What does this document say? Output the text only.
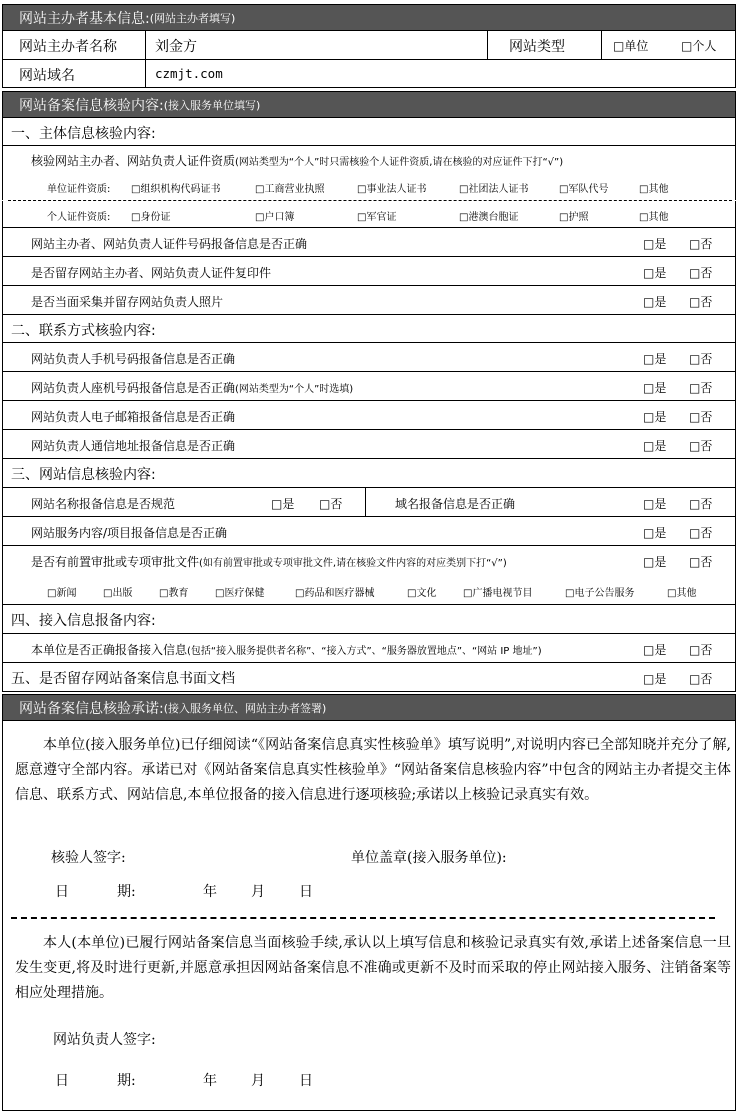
网站主办者基本信息: (网站主办者填写)
网站主办者名称	刘金方	网站类型 □	单位 □	个人
网站域名	czmjt.com
网站备案信息核验内容: (接入服务单位填写)
一、主体信息核验内容:
核验网站主办者、网站负责人证件资质(网站类型为“个人”时只需核验个人证件资质,请在核验的对应证件下打“√”)
单位证件资质: □	组织机构代码证书 □	工商营业执照 □	事业法人证书 □	社团法人证书 □	军队代号 □	其他
个人证件资质: □	身份证 □	户口簿 □	军官证 □	港澳台胞证 □	护照 □	其他
网站主办者、网站负责人证件号码报备信息是否正确 □	是 □	否
是否留存网站主办者、网站负责人证件复印件 □	是 □	否
是否当面采集并留存网站负责人照片 □	是 □	否
二、联系方式核验内容:
网站负责人手机号码报备信息是否正确 □	是 □	否
网站负责人座机号码报备信息是否正确(网站类型为“个人”时选填) □	是 □	否
网站负责人电子邮箱报备信息是否正确 □	是 □	否
网站负责人通信地址报备信息是否正确 □	是 □	否
三、网站信息核验内容:
网站名称报备信息是否规范 □	是 □	否	域名报备信息是否正确 □	是 □	否
网站服务内容/项目报备信息是否正确 □	是 □	否
是否有前置审批或专项审批文件(如有前置审批或专项审批文件,请在核验文件内容的对应类别下打“√”) □	是 □	否
□ 新闻 □	出版 □	教育 □	医疗保健 □	药品和医疗器械 □	文化 □	广播电视节目 □	电子公告服务 □	其他
四、接入信息报备内容:
本单位是否正确报备接入信息(包括“接入服务提供者名称”、“接入方式”、“服务器放置地点”、“网站 IP 地址”) □	是 □	否
五、是否留存网站备案信息书面文档 □	是 □	否
网站备案信息核验承诺: (接入服务单位、网站主办者签署)
本单位(接入服务单位)已仔细阅读“《网站备案信息真实性核验单》填写说明”,对说明内容已全部知晓并充分了解,愿意遵守全部内容。承诺已对《网站备案信息真实性核验单》“网站备案信息核验内容”中包含的网站主办者提交主体信息、联系方式、网站信息,本单位报备的接入信息进行逐项核验;承诺以上核验记录真实有效。
核验人签字:	单位盖章(接入服务单位):
日	期:	年 月 日
本人(本单位)已履行网站备案信息当面核验手续,承认以上填写信息和核验记录真实有效,承诺上述备案信息一旦发生变更,将及时进行更新,并愿意承担因网站备案信息不准确或更新不及时而采取的停止网站接入服务、注销备案等相应处理措施。
网站负责人签字:
日	期:	年 月 日
